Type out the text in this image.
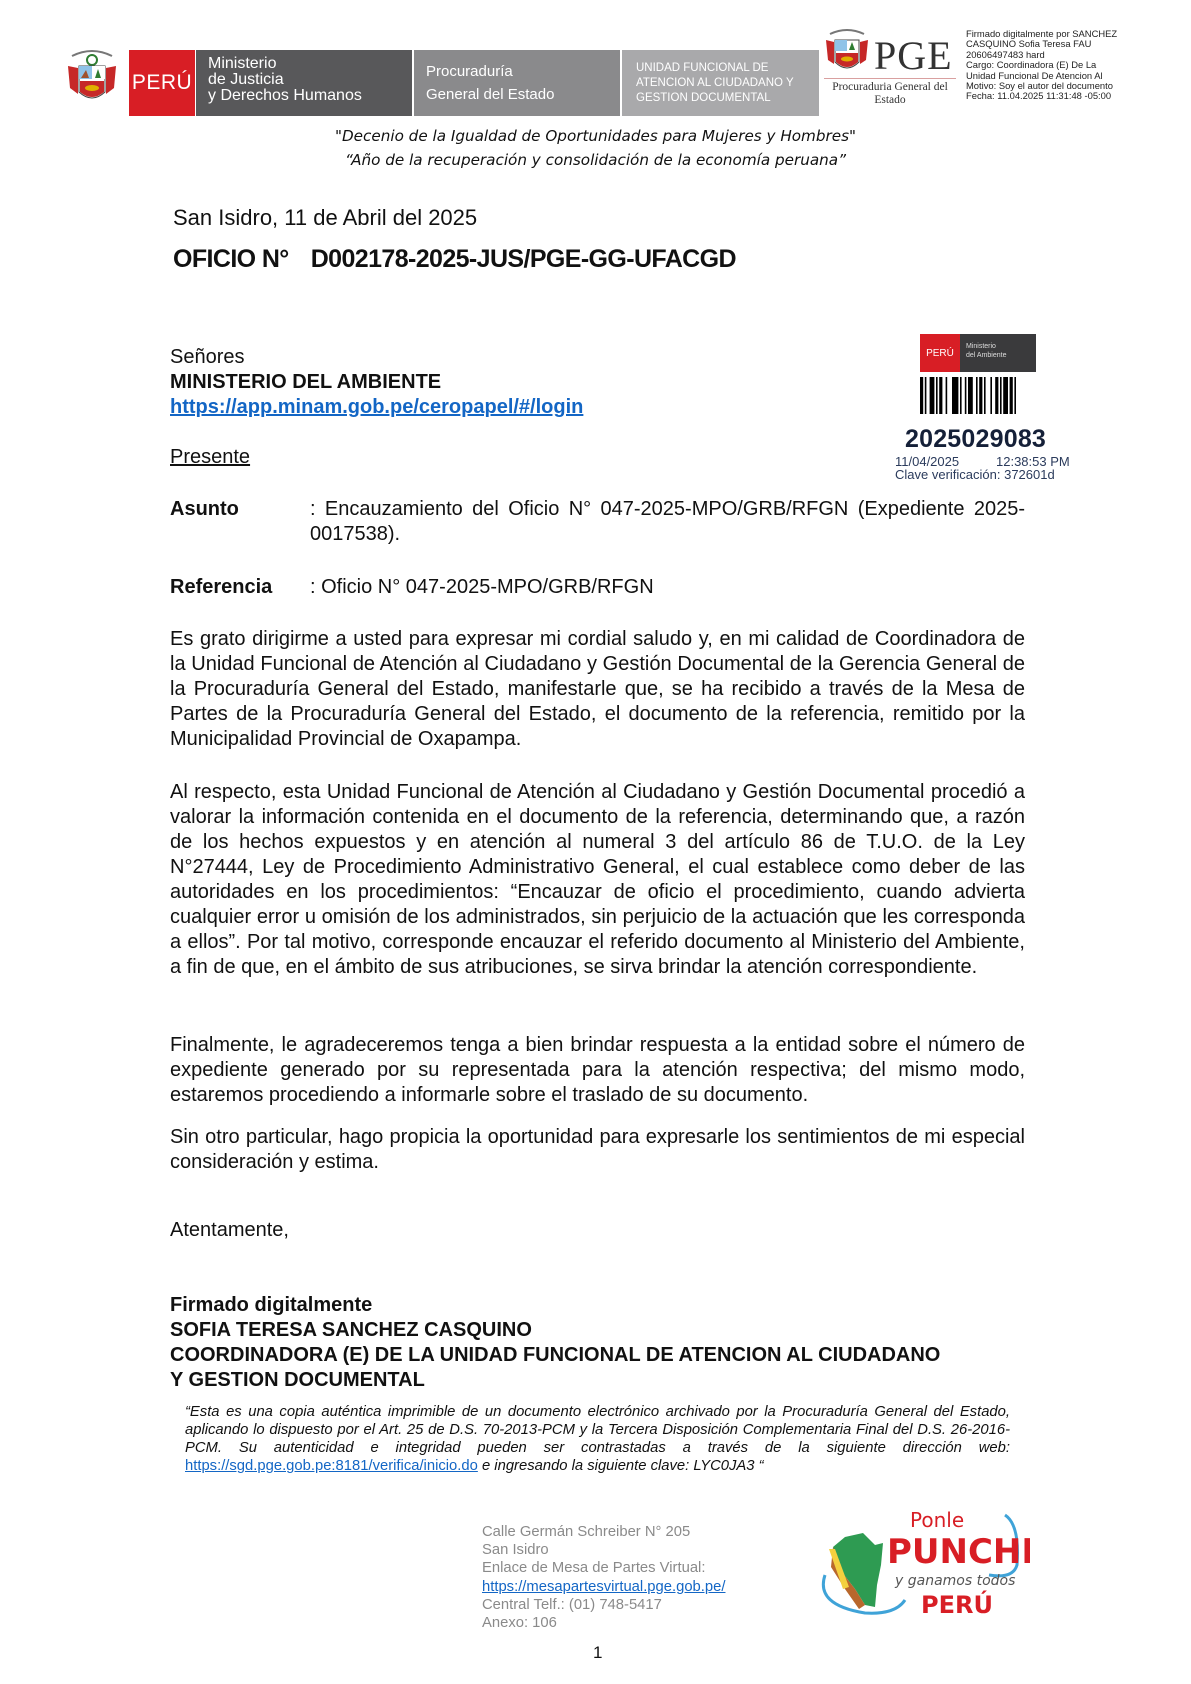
PERÚ
Ministerio
de Justicia
y Derechos Humanos
Procuraduría
General del Estado
UNIDAD FUNCIONAL DE
ATENCION AL CIUDADANO Y
GESTION DOCUMENTAL
PGE
Procuraduria General del
Estado
Firmado digitalmente por SANCHEZ
CASQUINO Sofia Teresa FAU
20606497483 hard
Cargo: Coordinadora (E) De La
Unidad Funcional De Atencion Al
Motivo: Soy el autor del documento
Fecha: 11.04.2025 11:31:48 -05:00
"Decenio de la Igualdad de Oportunidades para Mujeres y Hombres"
“Año de la recuperación y consolidación de la economía peruana”
San Isidro, 11 de Abril del 2025
OFICIO N° D002178-2025-JUS/PGE-GG-UFACGD
Señores
MINISTERIO DEL AMBIENTE
https://app.minam.gob.pe/ceropapel/#/login
Presente
Asunto	: Encauzamiento del Oficio N° 047-2025-MPO/GRB/RFGN (Expediente 2025-0017538).
Referencia : Oficio N° 047-2025-MPO/GRB/RFGN
Es grato dirigirme a usted para expresar mi cordial saludo y, en mi calidad de Coordinadora de la Unidad Funcional de Atención al Ciudadano y Gestión Documental de la Gerencia General de la Procuraduría General del Estado, manifestarle que, se ha recibido a través de la Mesa de Partes de la Procuraduría General del Estado, el documento de la referencia, remitido por la Municipalidad Provincial de Oxapampa.
Al respecto, esta Unidad Funcional de Atención al Ciudadano y Gestión Documental procedió a valorar la información contenida en el documento de la referencia, determinando que, a razón de los hechos expuestos y en atención al numeral 3 del artículo 86 de T.U.O. de la Ley N°27444, Ley de Procedimiento Administrativo General, el cual establece como deber de las autoridades en los procedimientos: “Encauzar de oficio el procedimiento, cuando advierta cualquier error u omisión de los administrados, sin perjuicio de la actuación que les corresponda a ellos”. Por tal motivo, corresponde encauzar el referido documento al Ministerio del Ambiente, a fin de que, en el ámbito de sus atribuciones, se sirva brindar la atención correspondiente.
Finalmente, le agradeceremos tenga a bien brindar respuesta a la entidad sobre el número de expediente generado por su representada para la atención respectiva; del mismo modo, estaremos procediendo a informarle sobre el traslado de su documento.
Sin otro particular, hago propicia la oportunidad para expresarle los sentimientos de mi especial consideración y estima.
Atentamente,
Firmado digitalmente
SOFIA TERESA SANCHEZ CASQUINO
COORDINADORA (E) DE LA UNIDAD FUNCIONAL DE ATENCION AL CIUDADANO
Y GESTION DOCUMENTAL
PERÚ
Ministerio
del Ambiente
2025029083
11/04/2025	12:38:53 PM
Clave verificación: 372601d
“Esta es una copia auténtica imprimible de un documento electrónico archivado por la Procuraduría General del Estado, aplicando lo dispuesto por el Art. 25 de D.S. 70-2013-PCM y la Tercera Disposición Complementaria Final del D.S. 26-2016-PCM. Su autenticidad e integridad pueden ser contrastadas a través de la siguiente dirección web: https://sgd.pge.gob.pe:8181/verifica/inicio.do e ingresando la siguiente clave: LYC0JA3 “
Calle Germán Schreiber N° 205
San Isidro
Enlace de Mesa de Partes Virtual:
https://mesapartesvirtual.pge.gob.pe/
Central Telf.: (01) 748-5417
Anexo: 106
1
Ponle
PUNCHE
y ganamos todos
PERÚ
